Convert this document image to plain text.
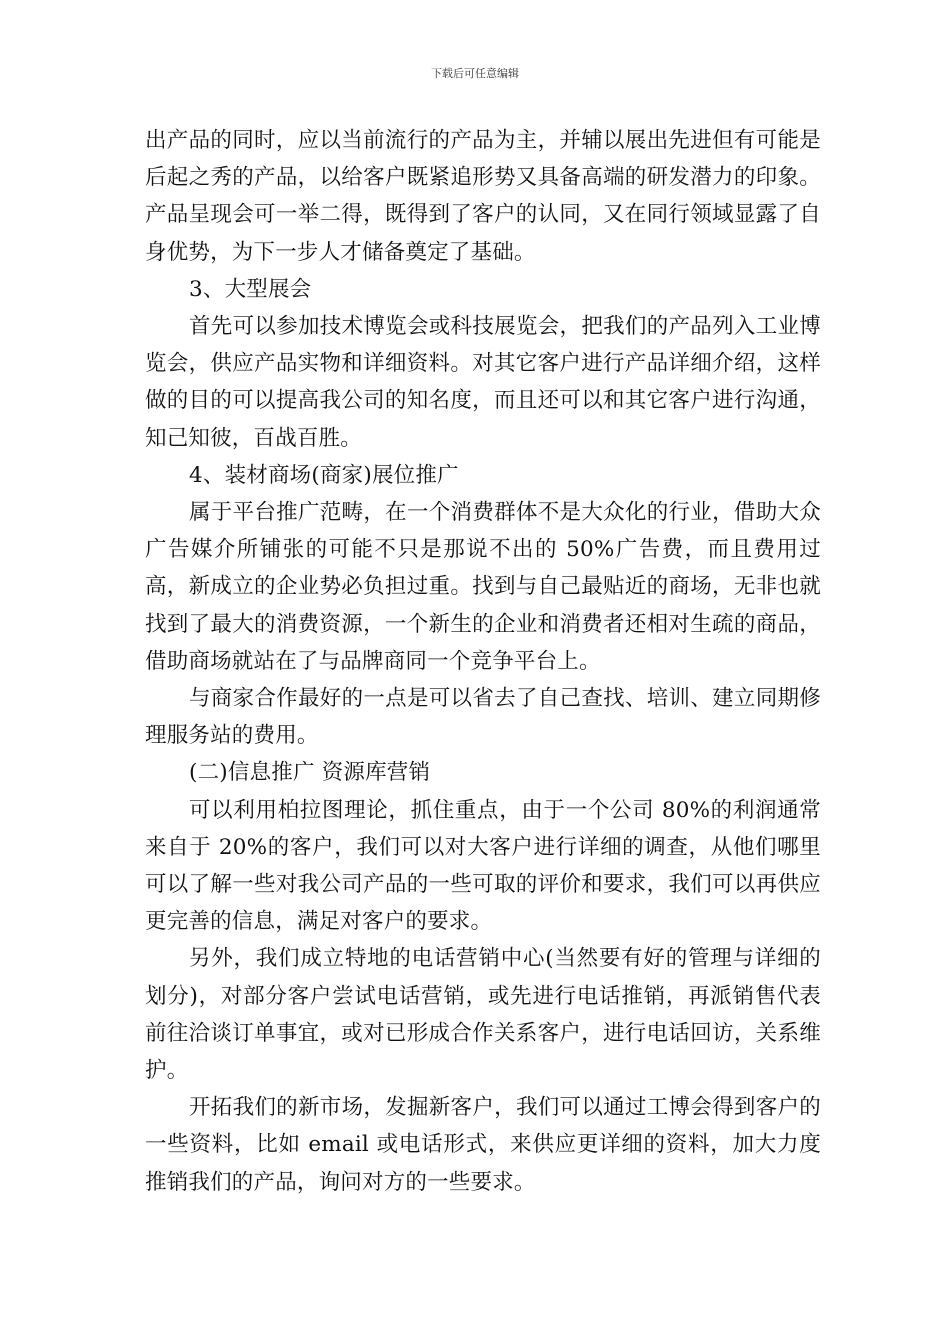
下载后可任意编辑

出产品的同时，应以当前流行的产品为主，并辅以展出先进但有可能是后起之秀的产品，以给客户既紧追形势又具备高端的研发潜力的印象。产品呈现会可一举二得，既得到了客户的认同，又在同行领域显露了自身优势，为下一步人才储备奠定了基础。

3、大型展会

首先可以参加技术博览会或科技展览会，把我们的产品列入工业博览会，供应产品实物和详细资料。对其它客户进行产品详细介绍，这样做的目的可以提高我公司的知名度，而且还可以和其它客户进行沟通，知己知彼，百战百胜。

4、装材商场(商家)展位推广

属于平台推广范畴，在一个消费群体不是大众化的行业，借助大众广告媒介所铺张的可能不只是那说不出的 50%广告费，而且费用过高，新成立的企业势必负担过重。找到与自己最贴近的商场，无非也就找到了最大的消费资源，一个新生的企业和消费者还相对生疏的商品，借助商场就站在了与品牌商同一个竞争平台上。

与商家合作最好的一点是可以省去了自己查找、培训、建立同期修理服务站的费用。

(二)信息推广 资源库营销

可以利用柏拉图理论，抓住重点，由于一个公司 80%的利润通常来自于 20%的客户，我们可以对大客户进行详细的调查，从他们哪里可以了解一些对我公司产品的一些可取的评价和要求，我们可以再供应更完善的信息，满足对客户的要求。

另外，我们成立特地的电话营销中心(当然要有好的管理与详细的划分)，对部分客户尝试电话营销，或先进行电话推销，再派销售代表前往洽谈订单事宜，或对已形成合作关系客户，进行电话回访，关系维护。

开拓我们的新市场，发掘新客户，我们可以通过工博会得到客户的一些资料，比如 email 或电话形式，来供应更详细的资料，加大力度推销我们的产品，询问对方的一些要求。
